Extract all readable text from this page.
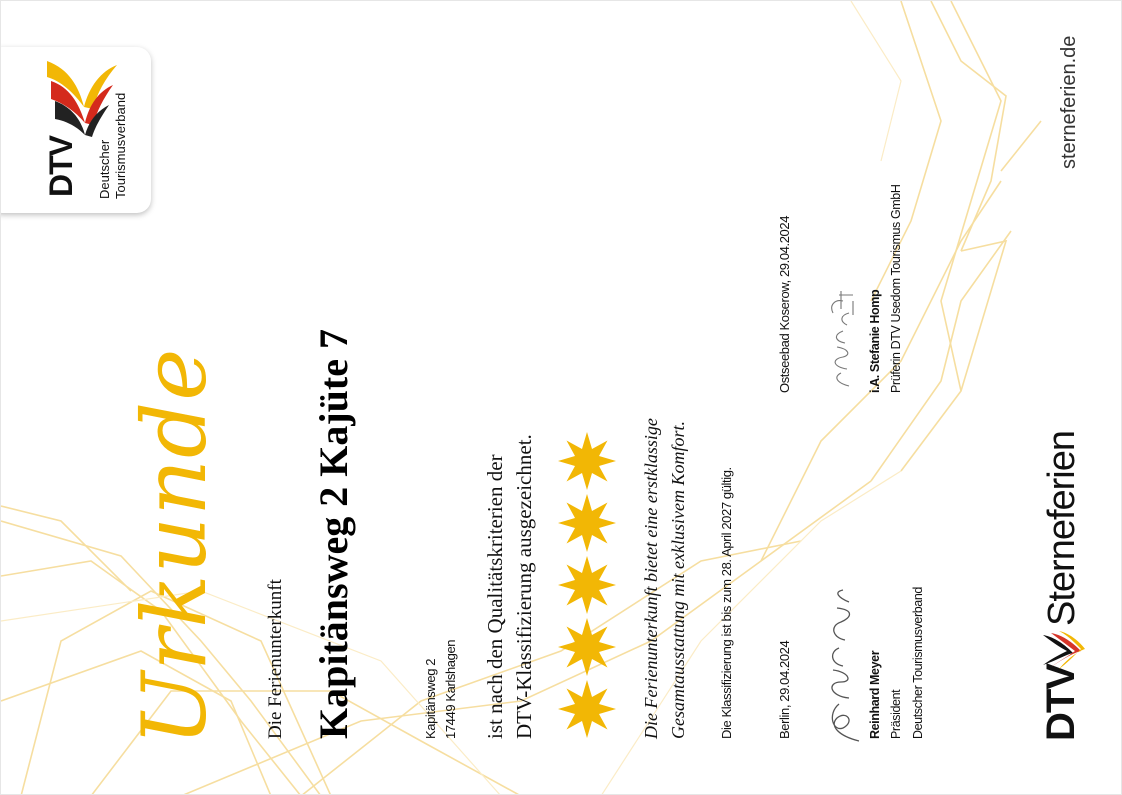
DTV Deutscher Tourismusverband
Urkunde Die Ferienunterkunft Kapitänsweg 2 Kajüte 7	Kapitänsweg 2 17449 Karlshagen ist nach den Qualitätskriterien der DTV-Klassifizierung ausgezeichnet.	Die Ferienunterkunft bietet eine erstklassige Gesamtausstattung mit exklusivem Komfort. Die Klassifizierung ist bis zum 28. April 2027 gültig.	Berlin, 29.04.2024	Reinhard Meyer Präsident Deutscher Tourismusverband
Ostseebad Koserow, 29.04.2024	i.A. Stefanie Homp Prüferin DTV Usedom Tourismus GmbH
DTV
Sterneferien
sterneferien.de
